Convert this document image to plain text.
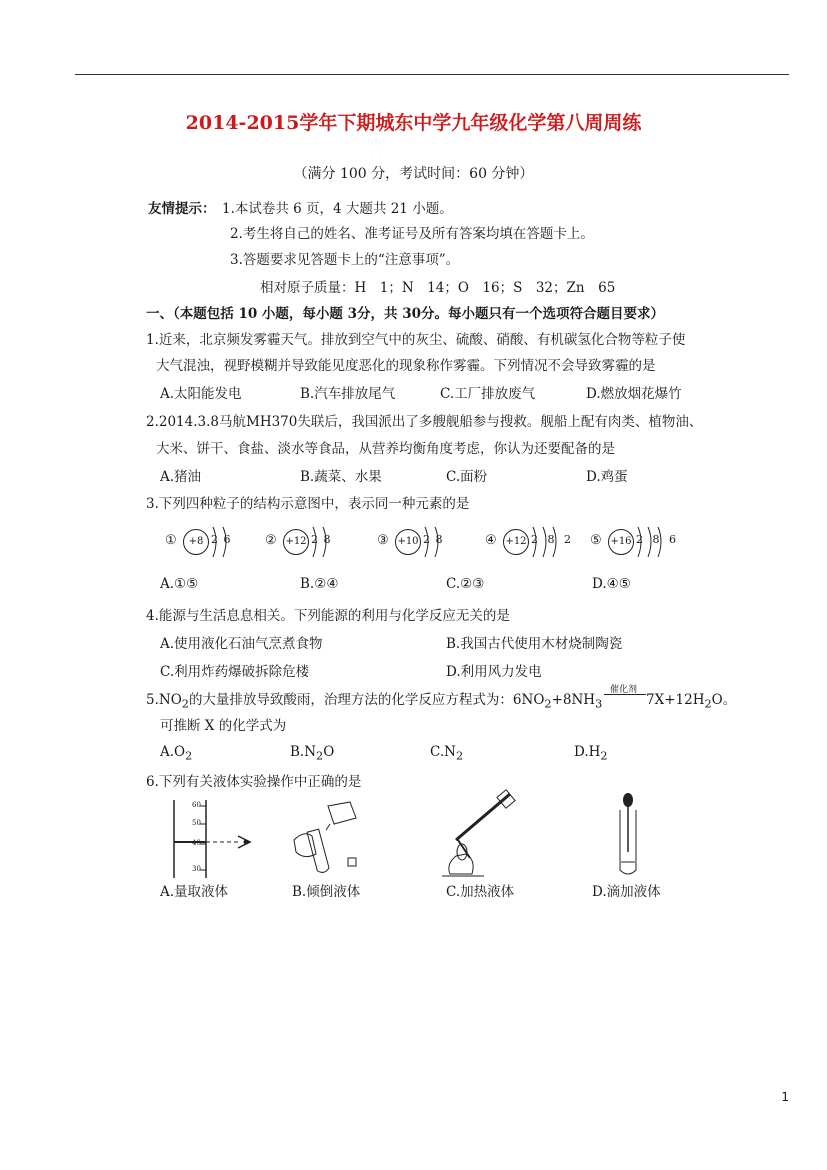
2014-2015学年下期城东中学九年级化学第八周周练
（满分 100 分，考试时间：60 分钟）
友情提示： 1.本试卷共 6 页，4 大题共 21 小题。
2.考生将自己的姓名、准考证号及所有答案均填在答题卡上。
3.答题要求见答题卡上的“注意事项”。
相对原子质量：H　1；N　14；O　16；S　32；Zn　65
一、（本题包括 10 小题，每小题 3分，共 30分。每小题只有一个选项符合题目要求）
1.近来，北京频发雾霾天气。排放到空气中的灰尘、硫酸、硝酸、有机碳氢化合物等粒子使
大气混浊，视野模糊并导致能见度恶化的现象称作雾霾。下列情况不会导致雾霾的是
A.太阳能发电	B.汽车排放尾气	C.工厂排放废气	D.燃放烟花爆竹
2.2014.3.8马航MH370失联后，我国派出了多艘舰船参与搜救。舰船上配有肉类、植物油、
大米、饼干、食盐、淡水等食品，从营养均衡角度考虑，你认为还要配备的是
A.猪油	B.蔬菜、水果	C.面粉	D.鸡蛋
3.下列四种粒子的结构示意图中，表示同一种元素的是
①	+8 2 6	② +12 2 8	③ +10 2 8	④ +12 2 8 2 ⑤ +16 2 8 6
A.①⑤	B.②④	C.②③	D.④⑤
4.能源与生活息息相关。下列能源的利用与化学反应无关的是
A.使用液化石油气烹煮食物	B.我国古代使用木材烧制陶瓷
C.利用炸药爆破拆除危楼	D.利用风力发电
$5.NO_2$的大量排放导致酸雨，治理方法的化学反应方程式为：$6NO_2+8NH_3$
催化剂
$7X+12H_2O$。
可推断 X 的化学式为
$A.O_2$	$B.N_2O$	$C.N_2$	$D.H_2$
6.下列有关液体实验操作中正确的是
60
50
40
30
A.量取液体	B.倾倒液体	C.加热液体	D.滴加液体
1
